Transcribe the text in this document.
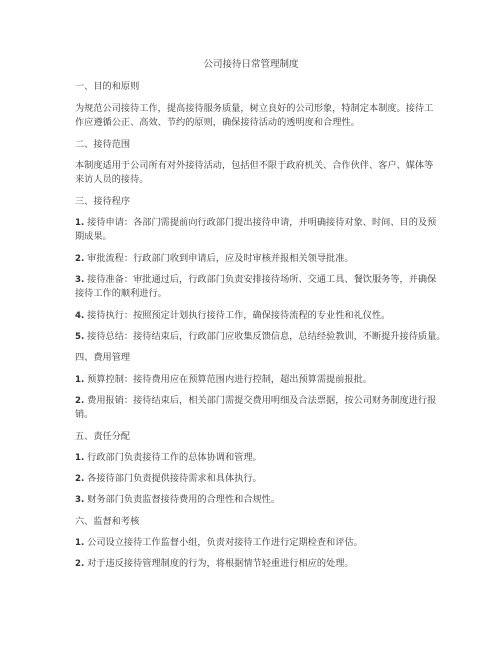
公司接待日常管理制度
一、目的和原则
为规范公司接待工作，提高接待服务质量，树立良好的公司形象，特制定本制度。接待工
作应遵循公正、高效、节约的原则，确保接待活动的透明度和合理性。
二、接待范围
本制度适用于公司所有对外接待活动，包括但不限于政府机关、合作伙伴、客户、媒体等
来访人员的接待。
三、接待程序
1. 接待申请：各部门需提前向行政部门提出接待申请，并明确接待对象、时间、目的及预
期成果。
2. 审批流程：行政部门收到申请后，应及时审核并报相关领导批准。
3. 接待准备：审批通过后，行政部门负责安排接待场所、交通工具、餐饮服务等，并确保
接待工作的顺利进行。
4. 接待执行：按照预定计划执行接待工作，确保接待流程的专业性和礼仪性。
5. 接待总结：接待结束后，行政部门应收集反馈信息，总结经验教训，不断提升接待质量。
四、费用管理
1. 预算控制：接待费用应在预算范围内进行控制，超出预算需提前报批。
2. 费用报销：接待结束后，相关部门需提交费用明细及合法票据，按公司财务制度进行报
销。
五、责任分配
1. 行政部门负责接待工作的总体协调和管理。
2. 各接待部门负责提供接待需求和具体执行。
3. 财务部门负责监督接待费用的合理性和合规性。
六、监督和考核
1. 公司设立接待工作监督小组，负责对接待工作进行定期检查和评估。
2. 对于违反接待管理制度的行为，将根据情节轻重进行相应的处理。
